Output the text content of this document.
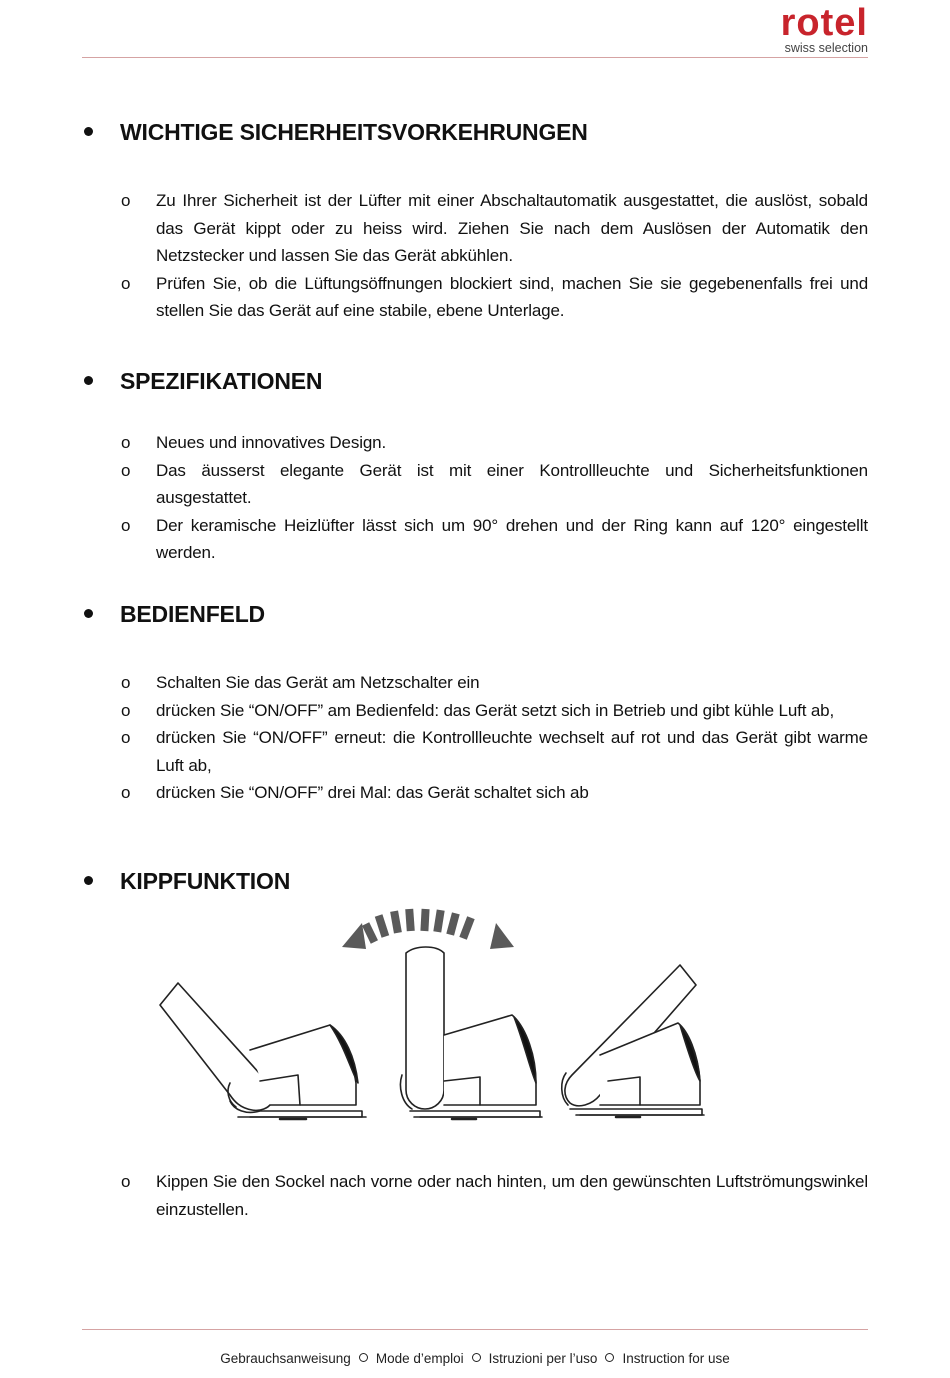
rotel
swiss selection
WICHTIGE SICHERHEITSVORKEHRUNGEN
o Zu Ihrer Sicherheit ist der Lüfter mit einer Abschaltautomatik ausgestattet, die auslöst, sobald das Gerät kippt oder zu heiss wird. Ziehen Sie nach dem Auslösen der Automatik den Netzstecker und lassen Sie das Gerät abkühlen.
o Prüfen Sie, ob die Lüftungsöffnungen blockiert sind, machen Sie sie gegebenenfalls frei und stellen Sie das Gerät auf eine stabile, ebene Unterlage.
SPEZIFIKATIONEN
o Neues und innovatives Design.
o Das äusserst elegante Gerät ist mit einer Kontrollleuchte und Sicherheitsfunktionen ausgestattet.
o Der keramische Heizlüfter lässt sich um 90° drehen und der Ring kann auf 120° eingestellt werden.
BEDIENFELD
o Schalten Sie das Gerät am Netzschalter ein
o drücken Sie “ON/OFF” am Bedienfeld: das Gerät setzt sich in Betrieb und gibt kühle Luft ab,
o drücken Sie “ON/OFF” erneut: die Kontrollleuchte wechselt auf rot und das Gerät gibt warme Luft ab,
o drücken Sie “ON/OFF” drei Mal: das Gerät schaltet sich ab
KIPPFUNKTION
o Kippen Sie den Sockel nach vorne oder nach hinten, um den gewünschten Luftströmungswinkel einzustellen.
Gebrauchsanweisung Mode d’emploi Istruzioni per l’uso Instruction for use
